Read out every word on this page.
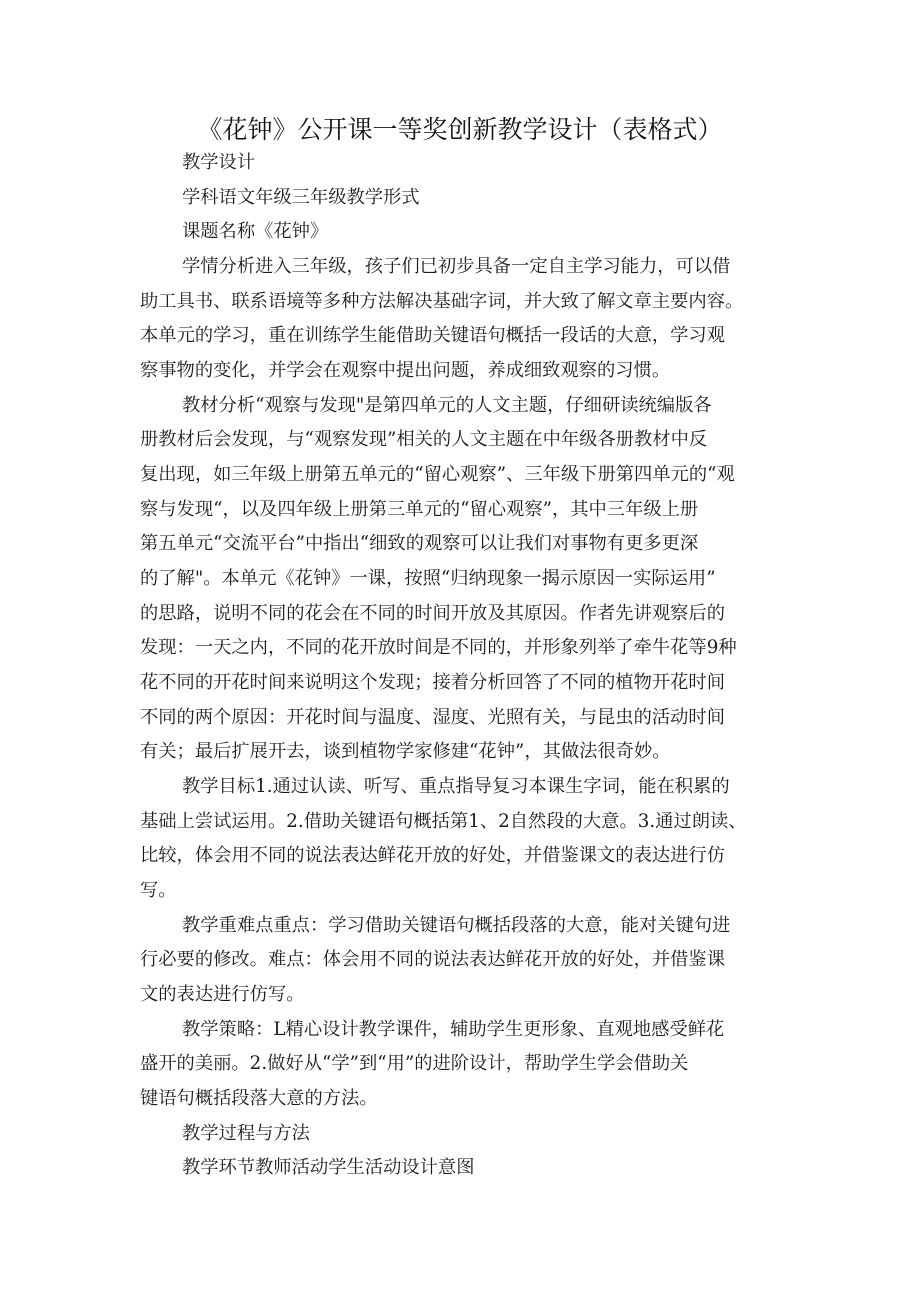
《花钟》公开课一等奖创新教学设计（表格式）
教学设计
学科语文年级三年级教学形式
课题名称《花钟》
学情分析进入三年级，孩子们已初步具备一定自主学习能力，可以借
助工具书、联系语境等多种方法解决基础字词，并大致了解文章主要内容。
本单元的学习，重在训练学生能借助关键语句概括一段话的大意，学习观
察事物的变化，并学会在观察中提出问题，养成细致观察的习惯。
教材分析“观察与发现"是第四单元的人文主题，仔细研读统编版各
册教材后会发现，与“观察发现”相关的人文主题在中年级各册教材中反
复出现，如三年级上册第五单元的“留心观察”、三年级下册第四单元的“观
察与发现“，以及四年级上册第三单元的“留心观察”，其中三年级上册
第五单元“交流平台”中指出“细致的观察可以让我们对事物有更多更深
的了解"。本单元《花钟》一课，按照“归纳现象一揭示原因一实际运用”
的思路，说明不同的花会在不同的时间开放及其原因。作者先讲观察后的
发现：一天之内，不同的花开放时间是不同的，并形象列举了牵牛花等9种
花不同的开花时间来说明这个发现；接着分析回答了不同的植物开花时间
不同的两个原因：开花时间与温度、湿度、光照有关，与昆虫的活动时间
有关；最后扩展开去，谈到植物学家修建“花钟”，其做法很奇妙。
教学目标1.通过认读、听写、重点指导复习本课生字词，能在积累的
基础上尝试运用。2.借助关键语句概括第1、2自然段的大意。3.通过朗读、
比较，体会用不同的说法表达鲜花开放的好处，并借鉴课文的表达进行仿
写。
教学重难点重点：学习借助关键语句概括段落的大意，能对关键句进
行必要的修改。难点：体会用不同的说法表达鲜花开放的好处，并借鉴课
文的表达进行仿写。
教学策略：L精心设计教学课件，辅助学生更形象、直观地感受鲜花
盛开的美丽。2.做好从“学”到“用”的进阶设计，帮助学生学会借助关
键语句概括段落大意的方法。
教学过程与方法
教学环节教师活动学生活动设计意图
